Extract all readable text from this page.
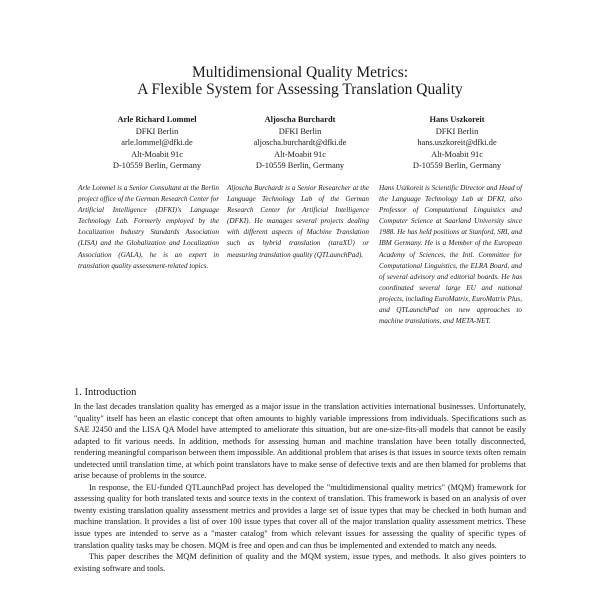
Multidimensional Quality Metrics:
A Flexible System for Assessing Translation Quality
Arle Richard Lommel
DFKI Berlin
arle.lommel@dfki.de
Alt-Moabit 91c
D-10559 Berlin, Germany
Aljoscha Burchardt
DFKI Berlin
aljoscha.burchardt@dfki.de
Alt-Moabit 91c
D-10559 Berlin, Germany
Hans Uszkoreit
DFKI Berlin
hans.uszkoreit@dfki.de
Alt-Moabit 91c
D-10559 Berlin, Germany
Arle Lommel is a Senior Consultant at the Berlin project office of the German Research Center for Artificial Intelligence (DFKI)'s Language Technology Lab. Formerly employed by the Localization Industry Standards Association (LISA) and the Globalization and Localization Association (GALA), he is an expert in translation quality assessment-related topics.
Aljoscha Burchardt is a Senior Researcher at the Language Technology Lab of the German Research Center for Artificial Intelligence (DFKI). He manages several projects dealing with different aspects of Machine Translation such as hybrid translation (taraXÜ) or measuring translation quality (QTLaunchPad).
Hans Uszkoreit is Scientific Director and Head of the Language Technology Lab at DFKI, also Professor of Computational Linguistics and Computer Science at Saarland University since 1988. He has held positions at Stanford, SRI, and IBM Germany. He is a Member of the European Academy of Sciences, the Intl. Committee for Computational Linguistics, the ELRA Board, and of several advisory and editorial boards. He has coordinated several large EU and national projects, including EuroMatrix, EuroMatrix Plus, and QTLaunchPad on new approaches to machine translations, and META-NET.
1. Introduction

In the last decades translation quality has emerged as a major issue in the translation activities international businesses. Unfortunately, "quality" itself has been an elastic concept that often amounts to highly variable impressions from individuals. Specifications such as SAE J2450 and the LISA QA Model have attempted to ameliorate this situation, but are one-size-fits-all models that cannot be easily adapted to fit various needs. In addition, methods for assessing human and machine translation have been totally disconnected, rendering meaningful comparison between them impossible. An additional problem that arises is that issues in source texts often remain undetected until translation time, at which point translators have to make sense of defective texts and are then blamed for problems that arise because of problems in the source.

In response, the EU-funded QTLaunchPad project has developed the "multidimensional quality metrics" (MQM) framework for assessing quality for both translated texts and source texts in the context of translation. This framework is based on an analysis of over twenty existing translation quality assessment metrics and provides a large set of issue types that may be checked in both human and machine translation. It provides a list of over 100 issue types that cover all of the major translation quality assessment metrics. These issue types are intended to serve as a "master catalog" from which relevant issues for assessing the quality of specific types of translation quality tasks may be chosen. MQM is free and open and can thus be implemented and extended to match any needs.

This paper describes the MQM definition of quality and the MQM system, issue types, and methods. It also gives pointers to existing software and tools.
